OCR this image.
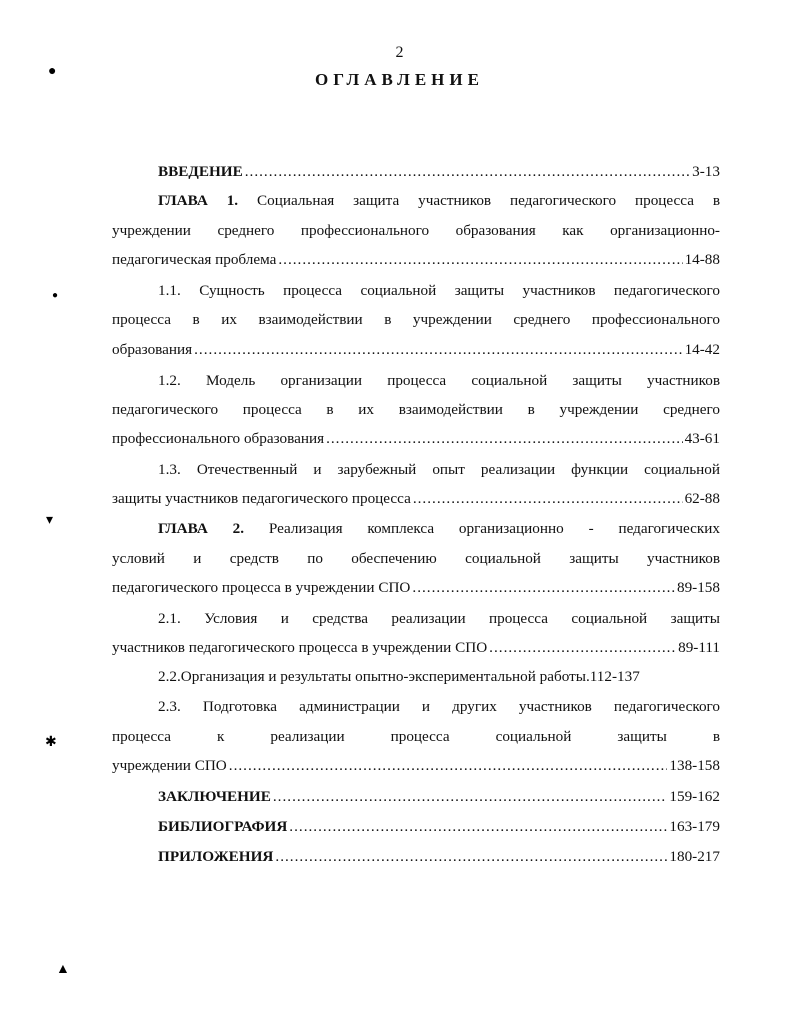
2
ОГЛАВЛЕНИЕ
ВВЕДЕНИЕ .....	3-13
ГЛАВА 1. Социальная защита участников педагогического процесса в
учреждении среднего профессионального образования как организационно-
педагогическая проблема .....	14-88
1.1. Сущность процесса социальной защиты участников педагогического
процесса в их взаимодействии в учреждении среднего профессионального
образования .....	14-42
1.2. Модель организации процесса социальной защиты участников
педагогического процесса в их взаимодействии в учреждении среднего
профессионального образования .....	43-61
1.3. Отечественный и зарубежный опыт реализации функции социальной
защиты участников педагогического процесса .....	62-88
ГЛАВА 2. Реализация комплекса организационно - педагогических
условий и средств по обеспечению социальной защиты участников
педагогического процесса в учреждении СПО .....	89-158
2.1. Условия и средства реализации процесса социальной защиты
участников педагогического процесса в учреждении СПО .....	89-111
2.2.Организация и результаты опытно-экспериментальной работы.112-137
2.3. Подготовка администрации и других участников педагогического
процесса к реализации процесса социальной защиты в
учреждении СПО .....	138-158
ЗАКЛЮЧЕНИЕ .....	159-162
БИБЛИОГРАФИЯ .....	163-179
ПРИЛОЖЕНИЯ .....	180-217
●
●
▾
✱
▲
